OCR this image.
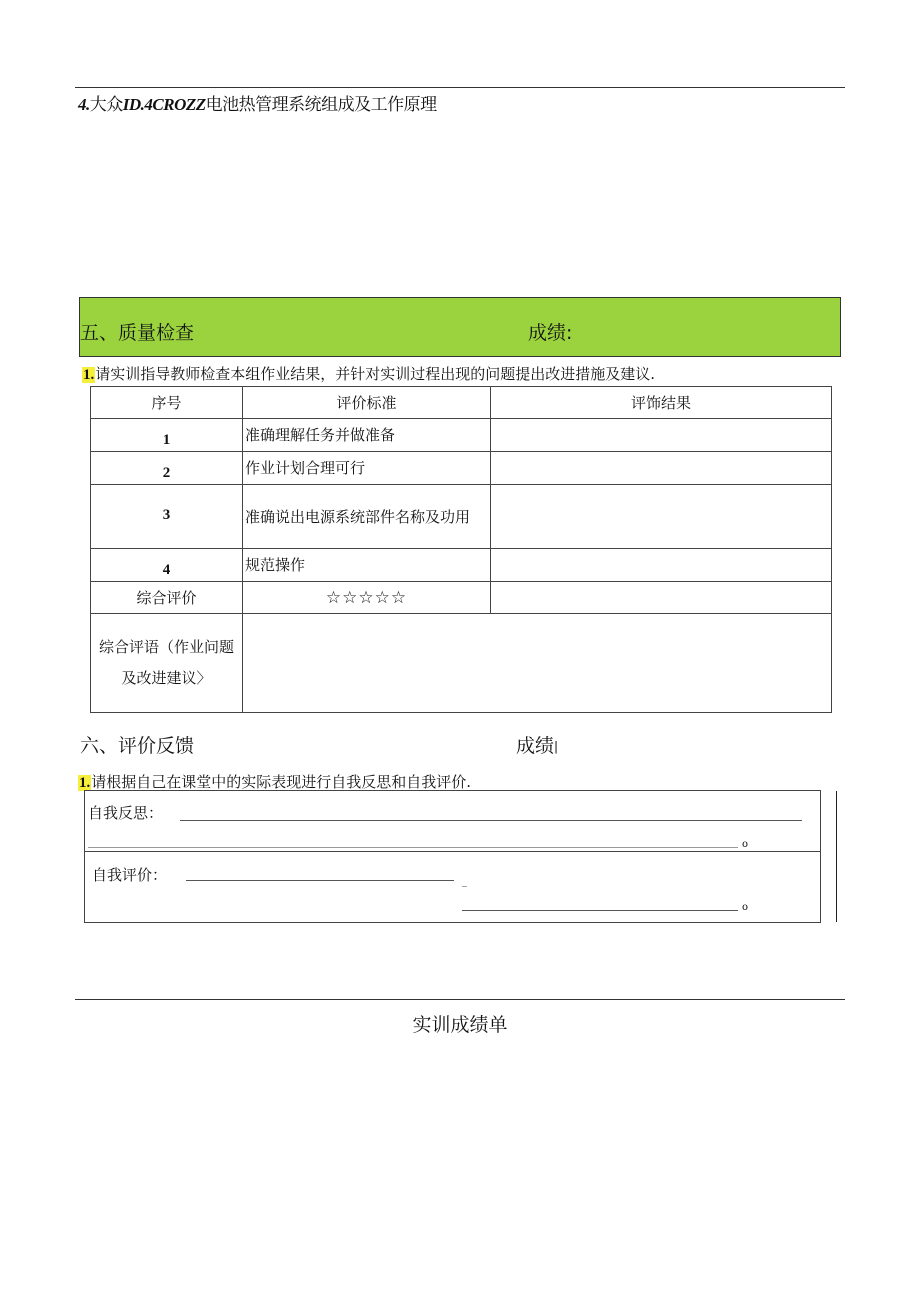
4.大众ID.4CROZZ电池热管理系统组成及工作原理
五、质量检查	成绩:
1.请实训指导教师检查本组作业结果，并针对实训过程出现的问题提出改进措施及建议.
序号	评价标准	评饰结果
1	准确理解任务并做准备	
2	作业计划合理可行	
3	准确说出电源系统部件名称及功用	
4	规范操作	
综合评价	☆☆☆☆☆	
综合评语（作业问题及改进建议〉		
六、评价反馈	成绩|
1.请根据自己在课堂中的实际表现进行自我反思和自我评价.
自我反思：
o
自我评价：	_
o
实训成绩单
